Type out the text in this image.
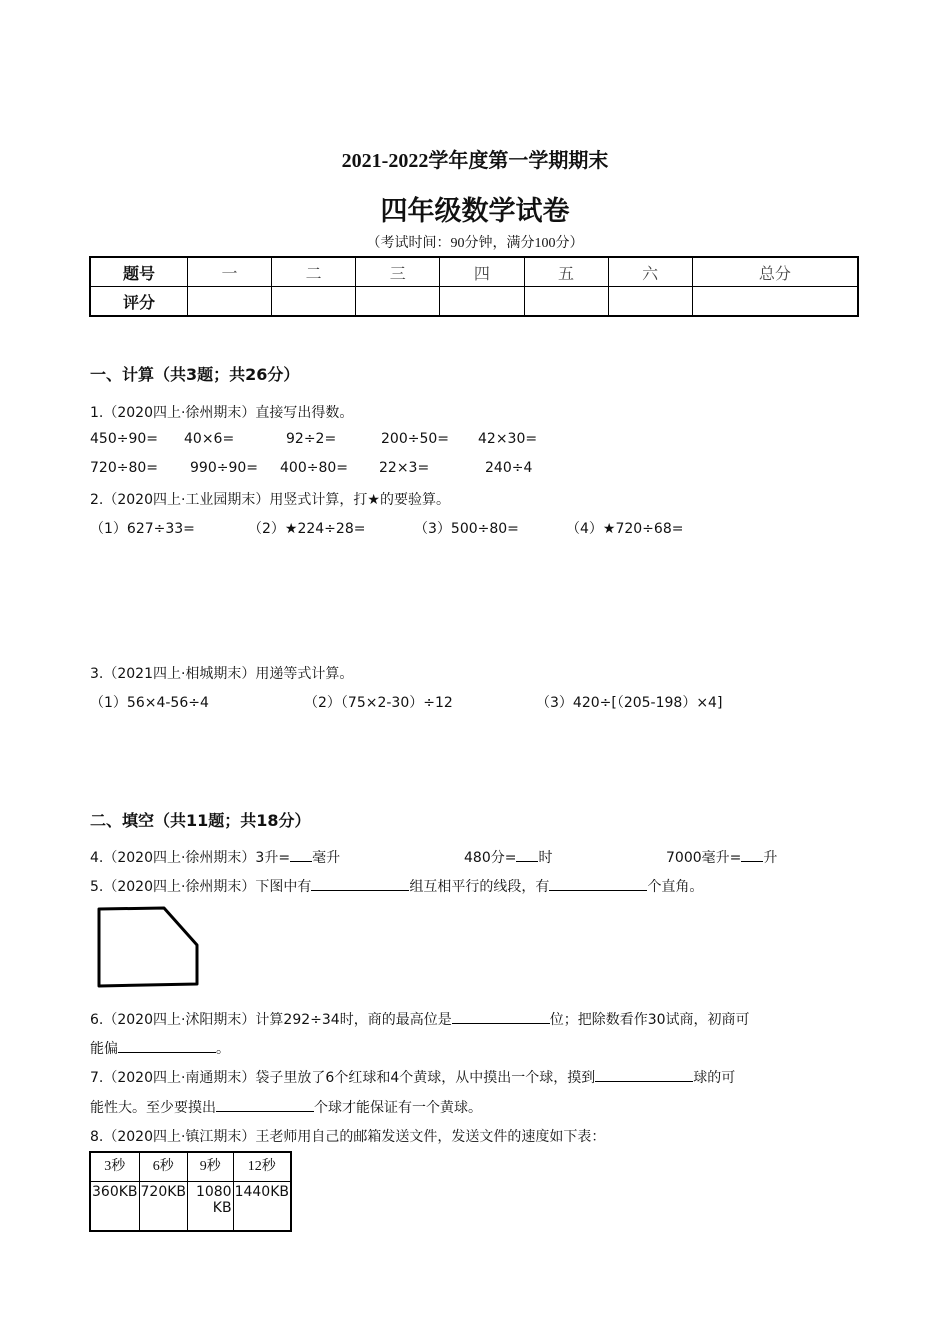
2021-2022学年度第一学期期末
四年级数学试卷
（考试时间：90分钟，满分100分）
题号	一	二	三	四	五	六	总分
评分							
一、计算（共3题；共26分）
1.（2020四上·徐州期末）直接写出得数。
450÷90= 40×6=	92÷2=	200÷50= 42×30=
720÷80= 990÷90= 400÷80= 22×3=	240÷4
2.（2020四上·工业园期末）用竖式计算，打★的要验算。
（1）627÷33=	（2）★224÷28=	（3）500÷80=	（4）★720÷68=
3.（2021四上·相城期末）用递等式计算。
（1）56×4-56÷4	（2）（75×2-30）÷12	（3）420÷[（205-198）×4]
二、填空（共11题；共18分）
4.（2020四上·徐州期末）3升= 毫升	480分= 时	7000毫升= 升
5.（2020四上·徐州期末）下图中有	组互相平行的线段，有	个直角。
6.（2020四上·沭阳期末）计算292÷34时，商的最高位是	位；把除数看作30试商，初商可
能偏	。
7.（2020四上·南通期末）袋子里放了6个红球和4个黄球，从中摸出一个球，摸到	球的可
能性大。至少要摸出	个球才能保证有一个黄球。
8.（2020四上·镇江期末）王老师用自己的邮箱发送文件，发送文件的速度如下表：
3秒	6秒	9秒	12秒
360KB	720KB	1080KB	1440KB
